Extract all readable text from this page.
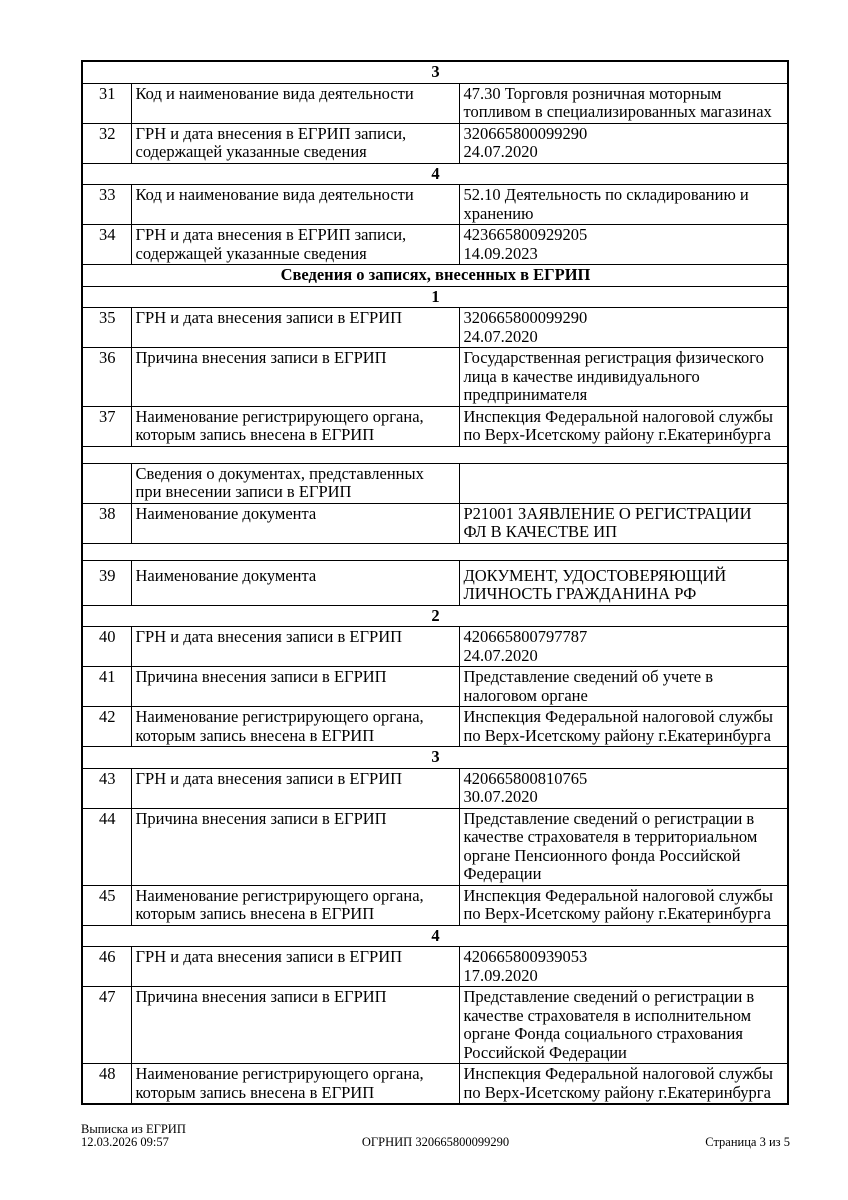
3		
31	Код и наименование вида деятельности	47.30 Торговля розничная моторным
топливом в специализированных магазинах

32	ГРН и дата внесения в ЕГРИП записи,
содержащей указанные сведения	320665800099290
24.07.2020

4		
33	Код и наименование вида деятельности	52.10 Деятельность по складированию и
хранению

34	ГРН и дата внесения в ЕГРИП записи,
содержащей указанные сведения	423665800929205
14.09.2023

Сведения о записях, внесенных в ЕГРИП		
1		
35	ГРН и дата внесения записи в ЕГРИП	320665800099290
24.07.2020

36	Причина внесения записи в ЕГРИП	Государственная регистрация физического
лица в качестве индивидуального
предпринимателя

37	Наименование регистрирующего органа,
которым запись внесена в ЕГРИП	Инспекция Федеральной налоговой службы
по Верх-Исетскому району г.Екатеринбурга

	Сведения о документах, представленных
при внесении записи в ЕГРИП	

38	Наименование документа	Р21001 ЗАЯВЛЕНИЕ О РЕГИСТРАЦИИ
ФЛ В КАЧЕСТВЕ ИП

39	Наименование документа	ДОКУМЕНТ, УДОСТОВЕРЯЮЩИЙ
ЛИЧНОСТЬ ГРАЖДАНИНА РФ

2		
40	ГРН и дата внесения записи в ЕГРИП	420665800797787
24.07.2020

41	Причина внесения записи в ЕГРИП	Представление сведений об учете в
налоговом органе

42	Наименование регистрирующего органа,
которым запись внесена в ЕГРИП	Инспекция Федеральной налоговой службы
по Верх-Исетскому району г.Екатеринбурга

3		
43	ГРН и дата внесения записи в ЕГРИП	420665800810765
30.07.2020

44	Причина внесения записи в ЕГРИП	Представление сведений о регистрации в
качестве страхователя в территориальном
органе Пенсионного фонда Российской
Федерации

45	Наименование регистрирующего органа,
которым запись внесена в ЕГРИП	Инспекция Федеральной налоговой службы
по Верх-Исетскому району г.Екатеринбурга

4		
46	ГРН и дата внесения записи в ЕГРИП	420665800939053
17.09.2020

47	Причина внесения записи в ЕГРИП	Представление сведений о регистрации в
качестве страхователя в исполнительном
органе Фонда социального страхования
Российской Федерации

48	Наименование регистрирующего органа,
которым запись внесена в ЕГРИП	Инспекция Федеральной налоговой службы
по Верх-Исетскому району г.Екатеринбурга
Выписка из ЕГРИП
12.03.2026 09:57	ОГРНИП 320665800099290	Страница 3 из 5
